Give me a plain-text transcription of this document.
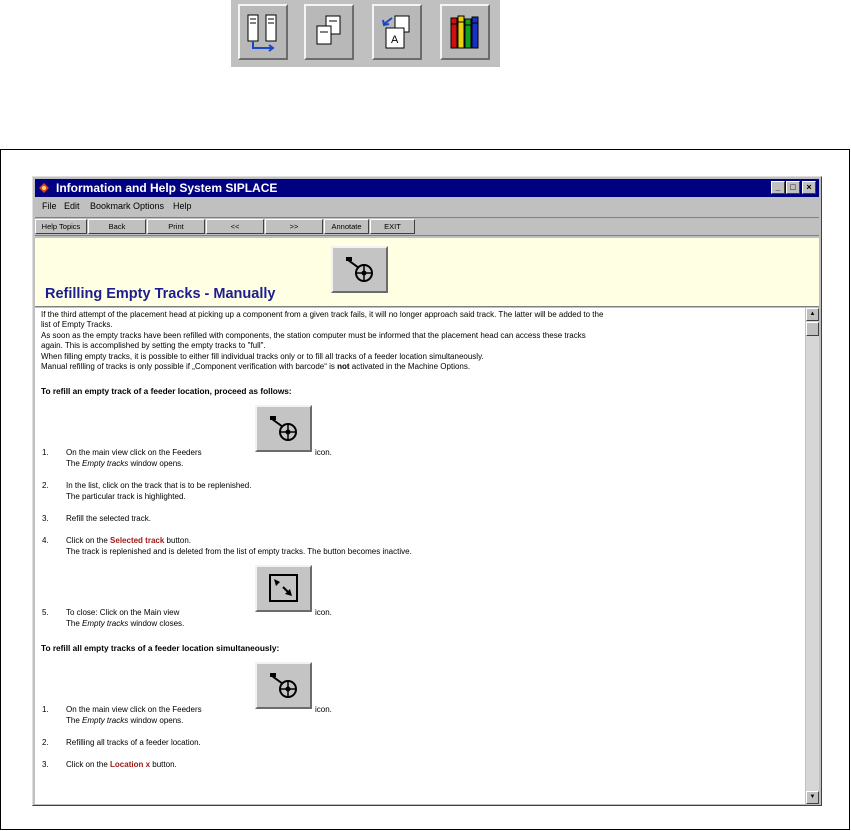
A
Information and Help System SIPLACE	_	□	×
File Edit Bookmark Options Help
Help Topics	Back	Print	<<	>>	Annotate	EXIT
Refilling Empty Tracks - Manually
If the third attempt of the placement head at picking up a component from a given track fails, it will no longer approach said track. The latter will be added to the
list of Empty Tracks.
As soon as the empty tracks have been refilled with components, the station computer must be informed that the placement head can access these tracks
again. This is accomplished by setting the empty tracks to "full".
When filling empty tracks, it is possible to either fill individual tracks only or to fill all tracks of a feeder location simultaneously.
Manual refilling of tracks is only possible if „Component verification with barcode“ is not activated in the Machine Options.
To refill an empty track of a feeder location, proceed as follows:
1. On the main view click on the Feeders	icon.
The Empty tracks window opens.
2. In the list, click on the track that is to be replenished.
The particular track is highlighted.
3. Refill the selected track.
4. Click on the Selected track button.
The track is replenished and is deleted from the list of empty tracks. The button becomes inactive.
5. To close: Click on the Main view	icon.
The Empty tracks window closes.
To refill all empty tracks of a feeder location simultaneously:
1. On the main view click on the Feeders	icon.
The Empty tracks window opens.
2. Refilling all tracks of a feeder location.
3. Click on the Location x button.
▲
▼
